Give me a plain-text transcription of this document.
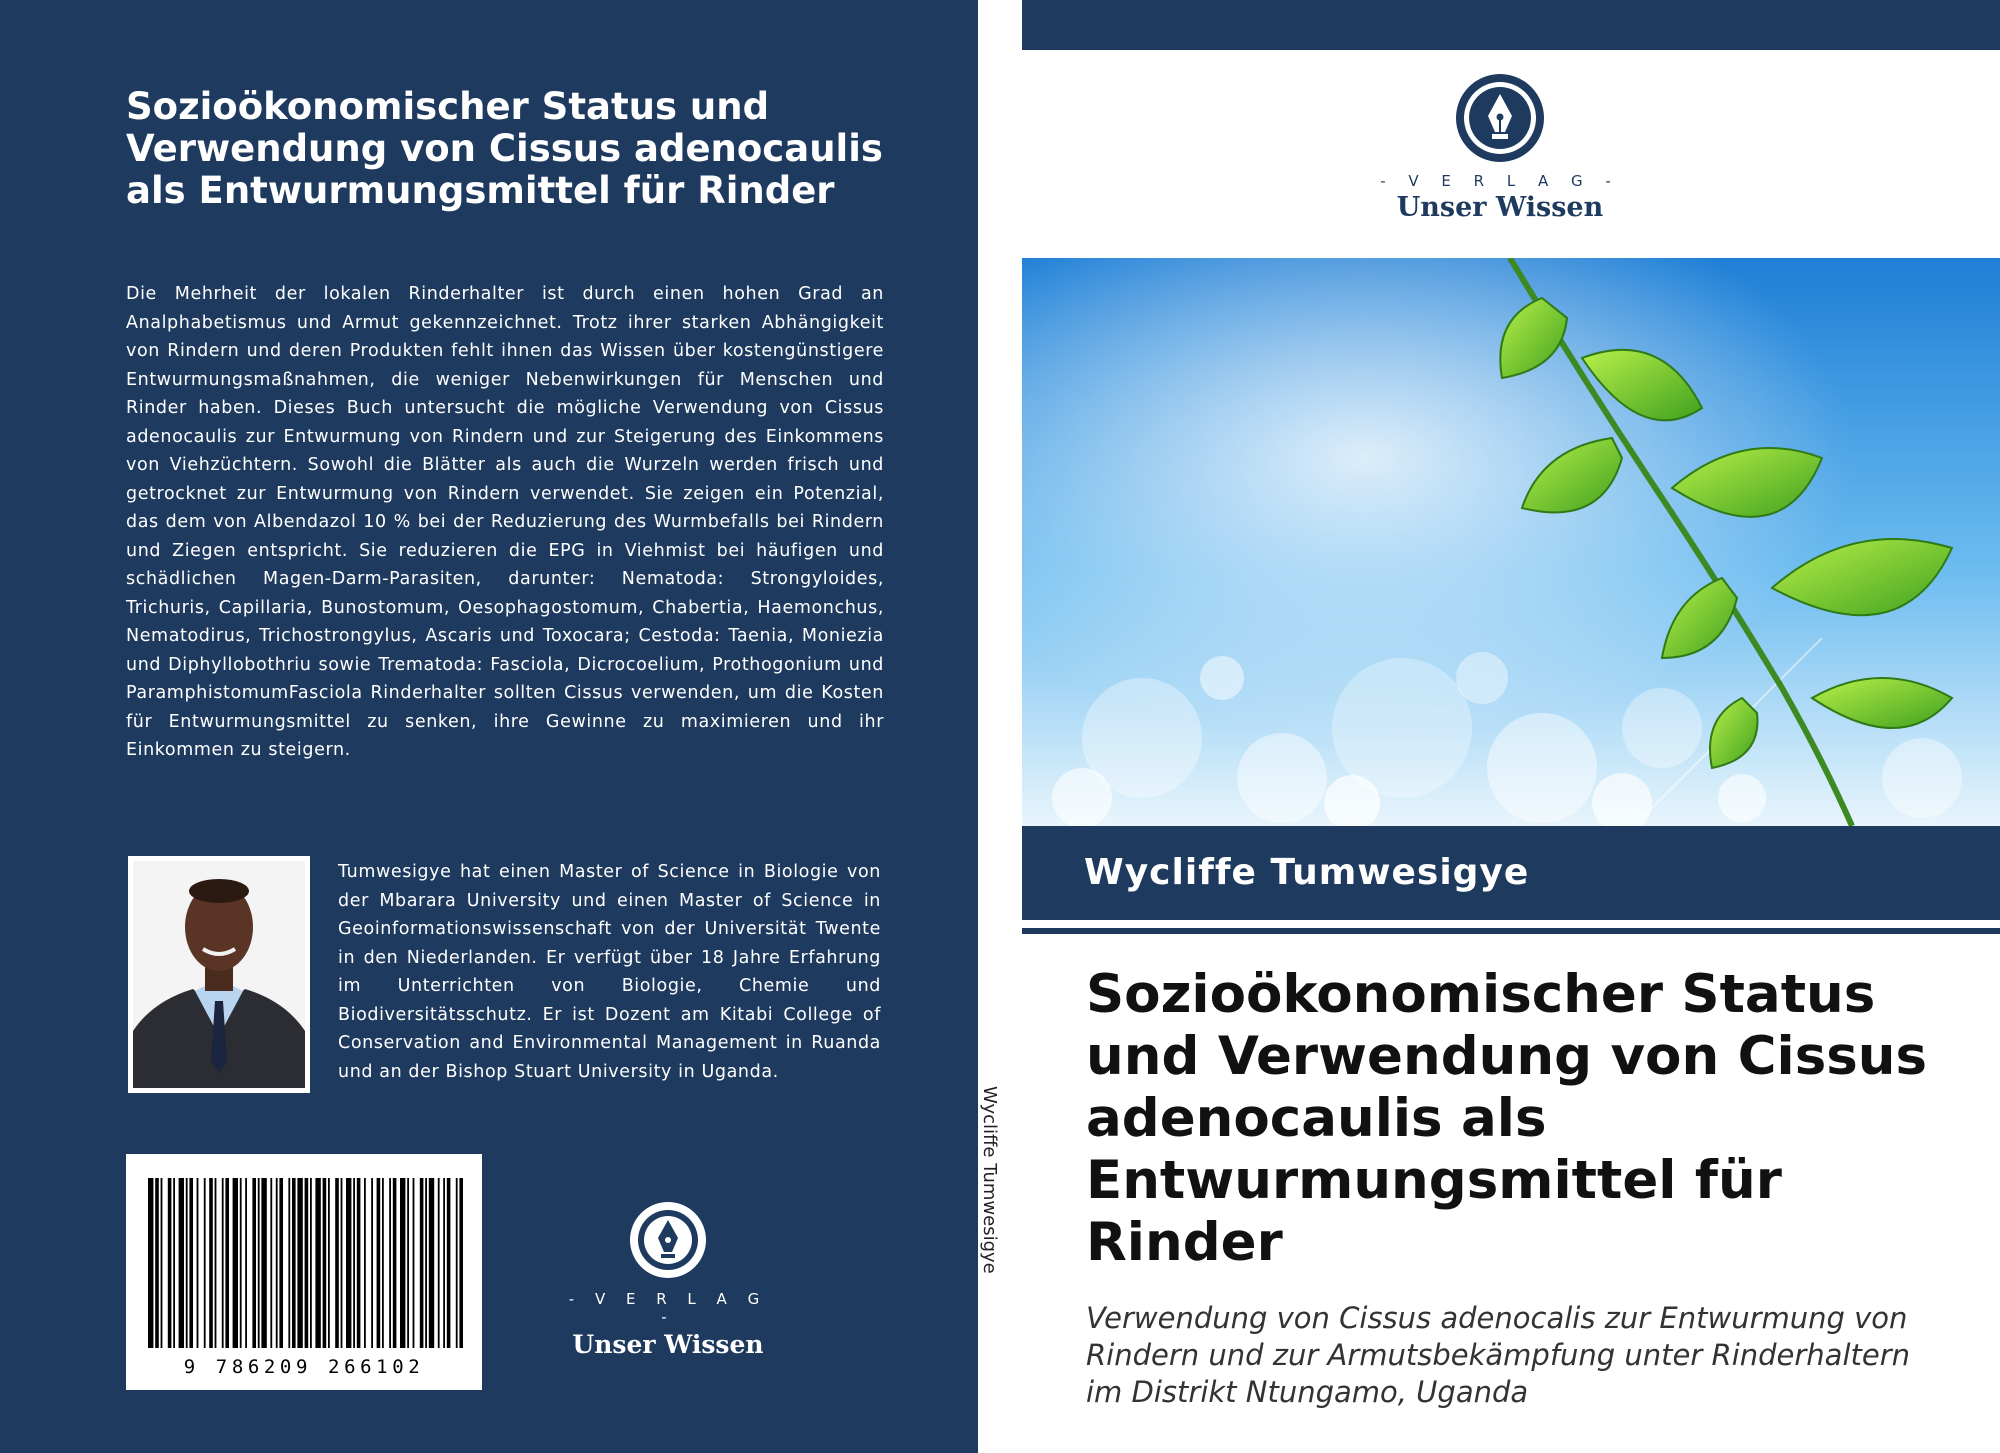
Sozioökonomischer Status und Verwendung von Cissus adenocaulis als Entwurmungsmittel für Rinder

Die Mehrheit der lokalen Rinderhalter ist durch einen hohen Grad an Analphabetismus und Armut gekennzeichnet. Trotz ihrer starken Abhängigkeit von Rindern und deren Produkten fehlt ihnen das Wissen über kostengünstigere Entwurmungsmaßnahmen, die weniger Nebenwirkungen für Menschen und Rinder haben. Dieses Buch untersucht die mögliche Verwendung von Cissus adenocaulis zur Entwurmung von Rindern und zur Steigerung des Einkommens von Viehzüchtern. Sowohl die Blätter als auch die Wurzeln werden frisch und getrocknet zur Entwurmung von Rindern verwendet. Sie zeigen ein Potenzial, das dem von Albendazol 10 % bei der Reduzierung des Wurmbefalls bei Rindern und Ziegen entspricht. Sie reduzieren die EPG in Viehmist bei häufigen und schädlichen Magen-Darm-Parasiten, darunter: Nematoda: Strongyloides, Trichuris, Capillaria, Bunostomum, Oesophagostomum, Chabertia, Haemonchus, Nematodirus, Trichostrongylus, Ascaris und Toxocara; Cestoda: Taenia, Moniezia und Diphyllobothriu sowie Trematoda: Fasciola, Dicrocoelium, Prothogonium und ParamphistomumFasciola Rinderhalter sollten Cissus verwenden, um die Kosten für Entwurmungsmittel zu senken, ihre Gewinne zu maximieren und ihr Einkommen zu steigern.

Tumwesigye hat einen Master of Science in Biologie von der Mbarara University und einen Master of Science in Geoinformationswissenschaft von der Universität Twente in den Niederlanden. Er verfügt über 18 Jahre Erfahrung im Unterrichten von Biologie, Chemie und Biodiversitätsschutz. Er ist Dozent am Kitabi College of Conservation and Environmental Management in Ruanda und an der Bishop Stuart University in Uganda.

9 786209 266102
- V E R L A G -
Unser Wissen
Wycliffe Tumwesigye
- V E R L A G -
Unser Wissen

Wycliffe Tumwesigye

Sozioökonomischer Status und Verwendung von Cissus adenocaulis als Entwurmungsmittel für Rinder

Verwendung von Cissus adenocalis zur Entwurmung von Rindern und zur Armutsbekämpfung unter Rinderhaltern im Distrikt Ntungamo, Uganda
